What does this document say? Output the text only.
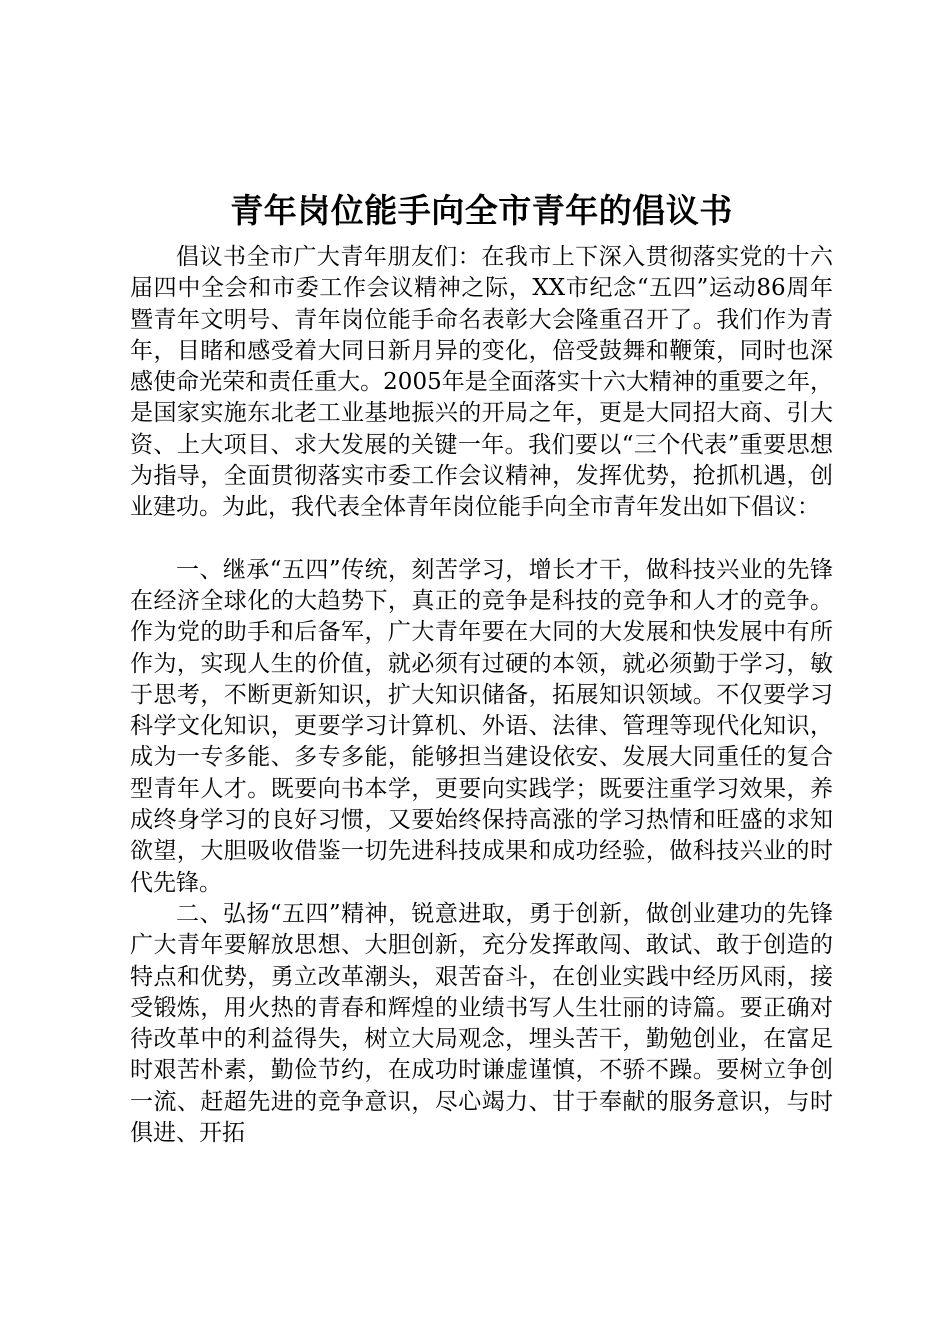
青年岗位能手向全市青年的倡议书

倡议书全市广大青年朋友们：在我市上下深入贯彻落实党的十六届四中全会和市委工作会议精神之际，XX市纪念“五四”运动86周年暨青年文明号、青年岗位能手命名表彰大会隆重召开了。我们作为青年，目睹和感受着大同日新月异的变化，倍受鼓舞和鞭策，同时也深感使命光荣和责任重大。2005年是全面落实十六大精神的重要之年，是国家实施东北老工业基地振兴的开局之年，更是大同招大商、引大资、上大项目、求大发展的关键一年。我们要以“三个代表”重要思想为指导，全面贯彻落实市委工作会议精神，发挥优势，抢抓机遇，创业建功。为此，我代表全体青年岗位能手向全市青年发出如下倡议：

一、继承“五四”传统，刻苦学习，增长才干，做科技兴业的先锋在经济全球化的大趋势下，真正的竞争是科技的竞争和人才的竞争。作为党的助手和后备军，广大青年要在大同的大发展和快发展中有所作为，实现人生的价值，就必须有过硬的本领，就必须勤于学习，敏于思考，不断更新知识，扩大知识储备，拓展知识领域。不仅要学习科学文化知识，更要学习计算机、外语、法律、管理等现代化知识，成为一专多能、多专多能，能够担当建设依安、发展大同重任的复合型青年人才。既要向书本学，更要向实践学；既要注重学习效果，养成终身学习的良好习惯，又要始终保持高涨的学习热情和旺盛的求知欲望，大胆吸收借鉴一切先进科技成果和成功经验，做科技兴业的时代先锋。

二、弘扬“五四”精神，锐意进取，勇于创新，做创业建功的先锋广大青年要解放思想、大胆创新，充分发挥敢闯、敢试、敢于创造的特点和优势，勇立改革潮头，艰苦奋斗，在创业实践中经历风雨，接受锻炼，用火热的青春和辉煌的业绩书写人生壮丽的诗篇。要正确对待改革中的利益得失，树立大局观念，埋头苦干，勤勉创业，在富足时艰苦朴素，勤俭节约，在成功时谦虚谨慎，不骄不躁。要树立争创一流、赶超先进的竞争意识，尽心竭力、甘于奉献的服务意识，与时俱进、开拓
